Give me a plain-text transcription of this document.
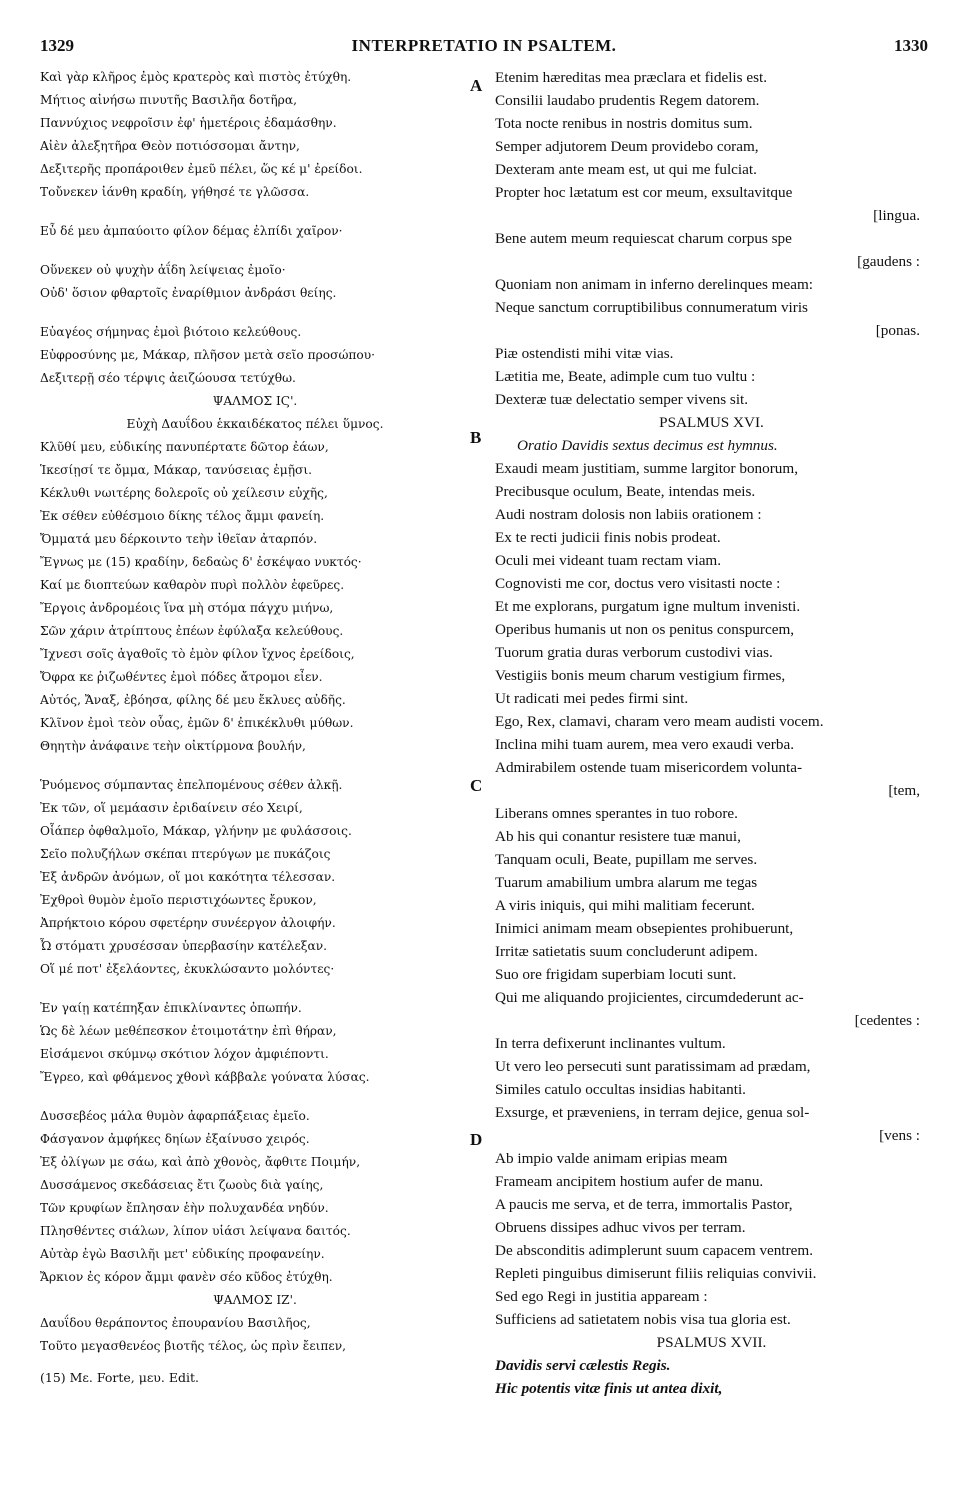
1329	INTERPRETATIO IN PSALTEM.	1330
A
B
C
D
Καὶ γὰρ κλῆρος ἐμὸς κρατερὸς καὶ πιστὸς ἐτύχθη.
Μήτιος αἰνήσω πινυτῆς Βασιλῆα δοτῆρα,
Παννύχιος νεφροῖσιν ἐφ' ἡμετέροις ἐδαμάσθην.
Αἰὲν ἀλεξητῆρα Θεὸν ποτιόσσομαι ἄντην,
Δεξιτερῆς προπάροιθεν ἐμεῦ πέλει, ὥς κέ μ' ἐρείδοι.
Τοὔνεκεν ἰάνθη κραδίη, γήθησέ τε γλῶσσα.
Εὖ δέ μευ ἀμπαύοιτο φίλον δέμας ἐλπίδι χαῖρον·
Οὕνεκεν οὐ ψυχὴν ἀΐδη λείψειας ἐμοῖο·
Οὐδ' ὅσιον φθαρτοῖς ἐναρίθμιον ἀνδράσι θείης.
Εὐαγέος σήμηνας ἐμοὶ βιότοιο κελεύθους.
Εὐφροσύνης με, Μάκαρ, πλῆσον μετὰ σεῖο προσώπου·
Δεξιτερῇ σέο τέρψις ἀειζώουσα τετύχθω.
ΨΑΛΜΟΣ ΙϚ'.
Εὐχὴ Δαυΐδου ἑκκαιδέκατος πέλει ὕμνος.
Κλῦθί μευ, εὐδικίης πανυπέρτατε δῶτορ ἐάων,
Ἱκεσίῃσί τε ὄμμα, Μάκαρ, τανύσειας ἐμῇσι.
Κέκλυθι νωιτέρης δολεροῖς οὐ χείλεσιν εὐχῆς,
Ἐκ σέθεν εὐθέσμοιο δίκης τέλος ἄμμι φανείη.
Ὄμματά μευ δέρκοιντο τεὴν ἰθεῖαν ἀταρπόν.
Ἔγνως με (15) κραδίην, δεδαὼς δ' ἐσκέψαο νυκτός·
Καί με διοπτεύων καθαρὸν πυρὶ πολλὸν ἐφεῦρες.
Ἔργοις ἀνδρομέοις ἵνα μὴ στόμα πάγχυ μιήνω,
Σῶν χάριν ἀτρίπτους ἐπέων ἐφύλαξα κελεύθους.
Ἴχνεσι σοῖς ἀγαθοῖς τὸ ἐμὸν φίλον ἴχνος ἐρείδοις,
Ὄφρα κε ῥιζωθέντες ἐμοὶ πόδες ἄτρομοι εἶεν.
Αὐτός, Ἄναξ, ἐβόησα, φίλης δέ μευ ἔκλυες αὐδῆς.
Κλῖνον ἐμοὶ τεὸν οὖας, ἐμῶν δ' ἐπικέκλυθι μύθων.
Θηητὴν ἀνάφαινε τεὴν οἰκτίρμονα βουλήν,
Ῥυόμενος σύμπαντας ἐπελπομένους σέθεν ἀλκῇ.
Ἐκ τῶν, οἵ μεμάασιν ἐριδαίνειν σέο Χειρί,
Οἷάπερ ὀφθαλμοῖο, Μάκαρ, γλήνην με φυλάσσοις.
Σεῖο πολυζήλων σκέπαι πτερύγων με πυκάζοις
Ἐξ ἀνδρῶν ἀνόμων, οἵ μοι κακότητα τέλεσσαν.
Ἐχθροὶ θυμὸν ἐμοῖο περιστιχόωντες ἔρυκον,
Ἀπρήκτοιο κόρου σφετέρην συνέεργον ἀλοιφήν.
Ὦ στόματι χρυσέσσαν ὑπερβασίην κατέλεξαν.
Οἵ μέ ποτ' ἐξελάοντες, ἐκυκλώσαντο μολόντες·
Ἐν γαίῃ κατέπηξαν ἐπικλίναντες ὀπωπήν.
Ὡς δὲ λέων μεθέπεσκον ἑτοιμοτάτην ἐπὶ θήραν,
Εἰσάμενοι σκύμνῳ σκότιον λόχον ἀμφιέποντι.
Ἔγρεο, καὶ φθάμενος χθονὶ κάββαλε γούνατα λύσας.
Δυσσεβέος μάλα θυμὸν ἀφαρπάξειας ἐμεῖο.
Φάσγανον ἀμφήκες δηίων ἐξαίνυσο χειρός.
Ἐξ ὀλίγων με σάω, καὶ ἀπὸ χθονὸς, ἄφθιτε Ποιμήν,
Δυσσάμενος σκεδάσειας ἔτι ζωοὺς διὰ γαίης,
Τῶν κρυφίων ἔπλησαν ἑὴν πολυχανδέα νηδύν.
Πλησθέντες σιάλων, λίπον υἱάσι λείψανα δαιτός.
Αὐτὰρ ἐγὼ Βασιλῆι μετ' εὐδικίης προφανείην.
Ἄρκιον ἐς κόρον ἄμμι φανὲν σέο κῦδος ἐτύχθη.
ΨΑΛΜΟΣ ΙΖ'.
Δαυΐδου θεράποντος ἐπουρανίου Βασιλῆος,
Τοῦτο μεγασθενέος βιοτῆς τέλος, ὡς πρὶν ἔειπεν,
(15) Με. Forte, μευ. Edit.
Etenim hæreditas mea præclara et fidelis est.
Consilii laudabo prudentis Regem datorem.
Tota nocte renibus in nostris domitus sum.
Semper adjutorem Deum providebo coram,
Dexteram ante meam est, ut qui me fulciat.
Propter hoc lætatum est cor meum, exsultavitque
[lingua.
Bene autem meum requiescat charum corpus spe
[gaudens :
Quoniam non animam in inferno derelinques meam:
Neque sanctum corruptibilibus connumeratum viris
[ponas.
Piæ ostendisti mihi vitæ vias.
Lætitia me, Beate, adimple cum tuo vultu :
Dexteræ tuæ delectatio semper vivens sit.
PSALMUS XVI.
Oratio Davidis sextus decimus est hymnus.
Exaudi meam justitiam, summe largitor bonorum,
Precibusque oculum, Beate, intendas meis.
Audi nostram dolosis non labiis orationem :
Ex te recti judicii finis nobis prodeat.
Oculi mei videant tuam rectam viam.
Cognovisti me cor, doctus vero visitasti nocte :
Et me explorans, purgatum igne multum invenisti.
Operibus humanis ut non os penitus conspurcem,
Tuorum gratia duras verborum custodivi vias.
Vestigiis bonis meum charum vestigium firmes,
Ut radicati mei pedes firmi sint.
Ego, Rex, clamavi, charam vero meam audisti vocem.
Inclina mihi tuam aurem, mea vero exaudi verba.
Admirabilem ostende tuam misericordem volunta-
[tem,
Liberans omnes sperantes in tuo robore.
Ab his qui conantur resistere tuæ manui,
Tanquam oculi, Beate, pupillam me serves.
Tuarum amabilium umbra alarum me tegas
A viris iniquis, qui mihi malitiam fecerunt.
Inimici animam meam obsepientes prohibuerunt,
Irritæ satietatis suum concluderunt adipem.
Suo ore frigidam superbiam locuti sunt.
Qui me aliquando projicientes, circumdederunt ac-
[cedentes :
In terra defixerunt inclinantes vultum.
Ut vero leo persecuti sunt paratissimam ad prædam,
Similes catulo occultas insidias habitanti.
Exsurge, et præveniens, in terram dejice, genua sol-
[vens :
Ab impio valde animam eripias meam
Frameam ancipitem hostium aufer de manu.
A paucis me serva, et de terra, immortalis Pastor,
Obruens dissipes adhuc vivos per terram.
De absconditis adimplerunt suum capacem ventrem.
Repleti pinguibus dimiserunt filiis reliquias convivii.
Sed ego Regi in justitia appaream :
Sufficiens ad satietatem nobis visa tua gloria est.
PSALMUS XVII.
Davidis servi cælestis Regis.
Hic potentis vitæ finis ut antea dixit,
